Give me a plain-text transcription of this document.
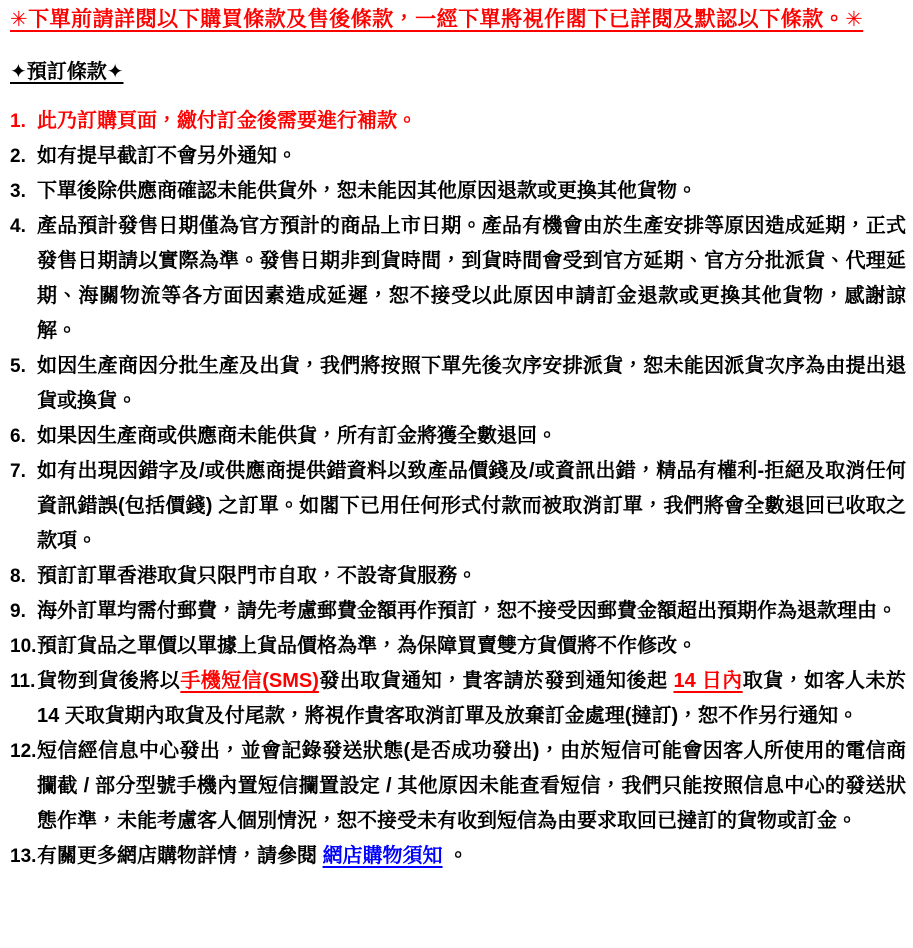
✳下單前請詳閱以下購買條款及售後條款，一經下單將視作閣下已詳閱及默認以下條款。✳
✦預訂條款✦
1. 此乃訂購頁面，繳付訂金後需要進行補款。
2. 如有提早截訂不會另外通知。
3. 下單後除供應商確認未能供貨外，恕未能因其他原因退款或更換其他貨物。
4. 產品預計發售日期僅為官方預計的商品上市日期。產品有機會由於生產安排等原因造成延期，正式發售日期請以實際為準。發售日期非到貨時間，到貨時間會受到官方延期、官方分批派貨、代理延期、海關物流等各方面因素造成延遲，恕不接受以此原因申請訂金退款或更換其他貨物，感謝諒解。
5. 如因生產商因分批生產及出貨，我們將按照下單先後次序安排派貨，恕未能因派貨次序為由提出退貨或換貨。
6. 如果因生產商或供應商未能供貨，所有訂金將獲全數退回。
7. 如有出現因錯字及/或供應商提供錯資料以致產品價錢及/或資訊出錯，精品有權利-拒絕及取消任何資訊錯誤(包括價錢) 之訂單。如閣下已用任何形式付款而被取消訂單，我們將會全數退回已收取之款項。
8. 預訂訂單香港取貨只限門市自取，不設寄貨服務。
9. 海外訂單均需付郵費，請先考慮郵費金額再作預訂，恕不接受因郵費金額超出預期作為退款理由。
10. 預訂貨品之單價以單據上貨品價格為準，為保障買賣雙方貨價將不作修改。
11. 貨物到貨後將以手機短信(SMS)發出取貨通知，貴客請於發到通知後起 14 日內取貨，如客人未於14 天取貨期內取貨及付尾款，將視作貴客取消訂單及放棄訂金處理(撻訂)，恕不作另行通知。
12. 短信經信息中心發出，並會記錄發送狀態(是否成功發出)，由於短信可能會因客人所使用的電信商攔截 / 部分型號手機內置短信攔置設定 / 其他原因未能查看短信，我們只能按照信息中心的發送狀態作準，未能考慮客人個別情況，恕不接受未有收到短信為由要求取回已撻訂的貨物或訂金。
13. 有關更多網店購物詳情，請參閱 網店購物須知 。
